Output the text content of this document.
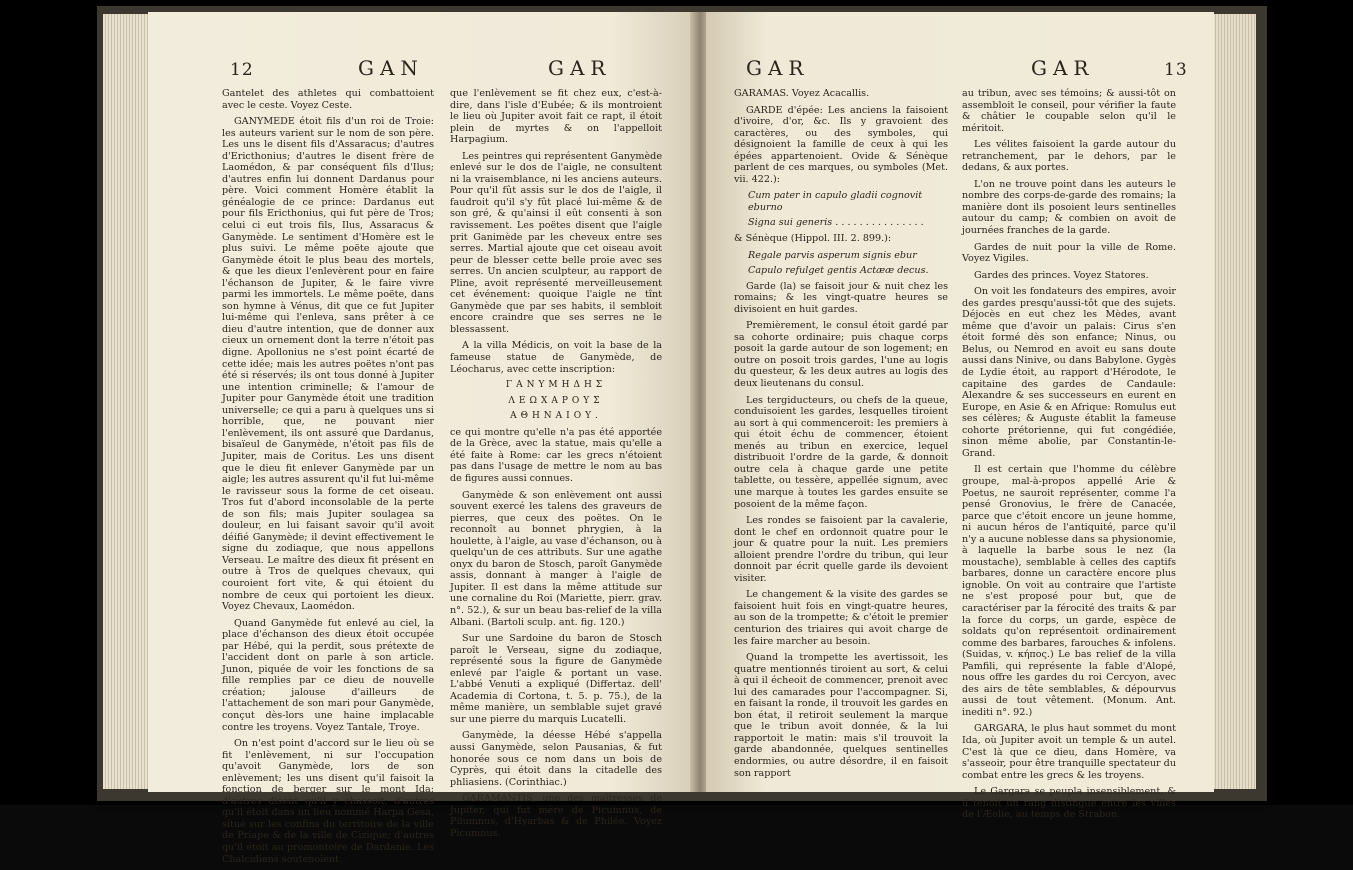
12	GAN	GAR

Gantelet des athletes qui combattoient avec le ceste. Voyez Ceste.

GANYMEDE étoit fils d'un roi de Troie: les auteurs varient sur le nom de son père. Les uns le disent fils d'Assaracus; d'autres d'Ericthonius; d'autres le disent frère de Laomédon, & par conséquent fils d'Ilus; d'autres enfin lui donnent Dardanus pour père. Voici comment Homère établit la généalogie de ce prince: Dardanus eut pour fils Ericthonius, qui fut père de Tros; celui ci eut trois fils, Ilus, Assaracus & Ganymède. Le sentiment d'Homère est le plus suivi. Le même poëte ajoute que Ganymède étoit le plus beau des mortels, & que les dieux l'enlevèrent pour en faire l'échanson de Jupiter, & le faire vivre parmi les immortels. Le même poëte, dans son hymne à Vénus, dit que ce fut Jupiter lui-même qui l'enleva, sans prêter à ce dieu d'autre intention, que de donner aux cieux un ornement dont la terre n'étoit pas digne. Apollonius ne s'est point écarté de cette idée; mais les autres poëtes n'ont pas été si réservés; ils ont tous donné à Jupiter une intention criminelle; & l'amour de Jupiter pour Ganymède étoit une tradition universelle; ce qui a paru à quelques uns si horrible, que, ne pouvant nier l'enlèvement, ils ont assuré que Dardanus, bisaïeul de Ganymède, n'étoit pas fils de Jupiter, mais de Coritus. Les uns disent que le dieu fit enlever Ganymède par un aigle; les autres assurent qu'il fut lui-même le ravisseur sous la forme de cet oiseau. Tros fut d'abord inconsolable de la perte de son fils; mais Jupiter soulagea sa douleur, en lui faisant savoir qu'il avoit déifié Ganymède; il devint effectivement le signe du zodiaque, que nous appellons Verseau. Le maître des dieux fit présent en outre à Tros de quelques chevaux, qui couroient fort vite, & qui étoient du nombre de ceux qui portoient les dieux. Voyez Chevaux, Laomédon.

Quand Ganymède fut enlevé au ciel, la place d'échanson des dieux étoit occupée par Hébé, qui la perdit, sous prétexte de l'accident dont on parle à son article. Junon, piquée de voir les fonctions de sa fille remplies par ce dieu de nouvelle création; jalouse d'ailleurs de l'attachement de son mari pour Ganymède, conçut dès-lors une haine implacable contre les troyens. Voyez Tantale, Troye.

On n'est point d'accord sur le lieu où se fit l'enlèvement, ni sur l'occupation qu'avoit Ganymède, lors de son enlèvement; les uns disent qu'il faisoit la fonction de berger sur le mont Ida; d'autres disent qu'il y chassoit; d'autres qu'il étoit dans un lieu nommé Harpa Gesa, situé sur les confins du territoire de la ville de Priape & de la ville de Cizique; d'autres qu'il étoit au promontoire de Dardanie. Les Chalcidiens soutenoient

que l'enlèvement se fit chez eux, c'est-à-dire, dans l'isle d'Eubée; & ils montroient le lieu où Jupiter avoit fait ce rapt, il étoit plein de myrtes & on l'appelloit Harpagium.

Les peintres qui représentent Ganymède enlevé sur le dos de l'aigle, ne consultent ni la vraisemblance, ni les anciens auteurs. Pour qu'il fût assis sur le dos de l'aigle, il faudroit qu'il s'y fût placé lui-même & de son gré, & qu'ainsi il eût consenti à son ravissement. Les poëtes disent que l'aigle prit Ganimède par les cheveux entre ses serres. Martial ajoute que cet oiseau avoit peur de blesser cette belle proie avec ses serres. Un ancien sculpteur, au rapport de Pline, avoit représenté merveilleusement cet événement: quoique l'aigle ne tînt Ganymède que par ses habits, il sembloit encore craindre que ses serres ne le blessassent.

A la villa Médicis, on voit la base de la fameuse statue de Ganymède, de Léocharus, avec cette inscription:

ΓΑΝΥΜΗΔΗΣ

ΛΕΩΧΑΡΟΥΣ

ΑΘΗΝΑΙΟΥ.

ce qui montre qu'elle n'a pas été apportée de la Grèce, avec la statue, mais qu'elle a été faite à Rome: car les grecs n'étoient pas dans l'usage de mettre le nom au bas de figures aussi connues.

Ganymède & son enlèvement ont aussi souvent exercé les talens des graveurs de pierres, que ceux des poëtes. On le reconnoît au bonnet phrygien, à la houlette, à l'aigle, au vase d'échanson, ou à quelqu'un de ces attributs. Sur une agathe onyx du baron de Stosch, paroît Ganymède assis, donnant à manger à l'aigle de Jupiter. Il est dans la même attitude sur une cornaline du Roi (Mariette, pierr. grav. n°. 52.), & sur un beau bas-relief de la villa Albani. (Bartoli sculp. ant. fig. 120.)

Sur une Sardoine du baron de Stosch paroît le Verseau, signe du zodiaque, représenté sous la figure de Ganymède enlevé par l'aigle & portant un vase. L'abbé Venuti a expliqué (Differtaz. dell' Academia di Cortona, t. 5. p. 75.), de la même manière, un semblable sujet gravé sur une pierre du marquis Lucatelli.

Ganymède, la déesse Hébé s'appella aussi Ganymède, selon Pausanias, & fut honorée sous ce nom dans un bois de Cyprès, qui étoit dans la citadelle des phliasiens. (Corinthiac.)

GARAMANTIS, une des maîtresses de Jupiter, qui fut mère de Picumnus, de Pilumnus, d'Hyarbas & de Philée. Voyez Picumnus.

GAR	GAR	13

GARAMAS. Voyez Acacallis.

GARDE d'épée: Les anciens la faisoient d'ivoire, d'or, &c. Ils y gravoient des caractères, ou des symboles, qui désignoient la famille de ceux à qui les épées appartenoient. Ovide & Sénèque parlent de ces marques, ou symboles (Met. vii. 422.):

Cum pater in capulo gladii cognovit eburno

Signa sui generis . . . . . . . . . . . . . . .

& Sénèque (Hippol. III. 2. 899.):

Regale parvis asperum signis ebur

Capulo refulget gentis Actææ decus.

Garde (la) se faisoit jour & nuit chez les romains; & les vingt-quatre heures se divisoient en huit gardes.

Premièrement, le consul étoit gardé par sa cohorte ordinaire; puis chaque corps posoit la garde autour de son logement; en outre on posoit trois gardes, l'une au logis du questeur, & les deux autres au logis des deux lieutenans du consul.

Les tergiducteurs, ou chefs de la queue, conduisoient les gardes, lesquelles tiroient au sort à qui commenceroit: les premiers à qui étoit échu de commencer, étoient menés au tribun en exercice, lequel distribuoit l'ordre de la garde, & donnoit outre cela à chaque garde une petite tablette, ou tessère, appellée signum, avec une marque à toutes les gardes ensuite se posoient de la même façon.

Les rondes se faisoient par la cavalerie, dont le chef en ordonnoit quatre pour le jour & quatre pour la nuit. Les premiers alloient prendre l'ordre du tribun, qui leur donnoit par écrit quelle garde ils devoient visiter.

Le changement & la visite des gardes se faisoient huit fois en vingt-quatre heures, au son de la trompette; & c'étoit le premier centurion des triaires qui avoit charge de les faire marcher au besoin.

Quand la trompette les avertissoit, les quatre mentionnés tiroient au sort, & celui à qui il écheoit de commencer, prenoit avec lui des camarades pour l'accompagner. Si, en faisant la ronde, il trouvoit les gardes en bon état, il retiroit seulement la marque que le tribun avoit donnée, & la lui rapportoit le matin: mais s'il trouvoit la garde abandonnée, quelques sentinelles endormies, ou autre désordre, il en faisoit son rapport

au tribun, avec ses témoins; & aussi-tôt on assembloit le conseil, pour vérifier la faute & châtier le coupable selon qu'il le méritoit.

Les vélites faisoient la garde autour du retranchement, par le dehors, par le dedans, & aux portes.

L'on ne trouve point dans les auteurs le nombre des corps-de-garde des romains; la manière dont ils posoient leurs sentinelles autour du camp; & combien on avoit de journées franches de la garde.

Gardes de nuit pour la ville de Rome. Voyez Vigiles.

Gardes des princes. Voyez Statores.

On voit les fondateurs des empires, avoir des gardes presqu'aussi-tôt que des sujets. Déjocès en eut chez les Mèdes, avant même que d'avoir un palais: Cirus s'en étoit formé dès son enfance; Ninus, ou Belus, ou Nemrod en avoit eu sans doute aussi dans Ninive, ou dans Babylone. Gygès de Lydie étoit, au rapport d'Hérodote, le capitaine des gardes de Candaule: Alexandre & ses successeurs en eurent en Europe, en Asie & en Afrique: Romulus eut ses célères; & Auguste établit la fameuse cohorte prétorienne, qui fut congédiée, sinon même abolie, par Constantin-le-Grand.

Il est certain que l'homme du célèbre groupe, mal-à-propos appellé Arie & Poetus, ne sauroit représenter, comme l'a pensé Gronovius, le frère de Canacée, parce que c'étoit encore un jeune homme, ni aucun héros de l'antiquité, parce qu'il n'y a aucune noblesse dans sa physionomie, à laquelle la barbe sous le nez (la moustache), semblable à celles des captifs barbares, donne un caractère encore plus ignoble. On voit au contraire que l'artiste ne s'est proposé pour but, que de caractériser par la férocité des traits & par la force du corps, un garde, espèce de soldats qu'on représentoit ordinairement comme des barbares, farouches & infolens. (Suidas, v. κήπος.) Le bas relief de la villa Pamfili, qui représente la fable d'Alopé, nous offre les gardes du roi Cercyon, avec des airs de tête semblables, & dépourvus aussi de tout vêtement. (Monum. Ant. inediti n°. 92.)

GARGARA, le plus haut sommet du mont Ida, où Jupiter avoit un temple & un autel. C'est là que ce dieu, dans Homère, va s'asseoir, pour être tranquille spectateur du combat entre les grecs & les troyens.

Le Gargara se peupla insensiblement, & il tenoit un rang distingué entre les villes de l'Æolie, au temps de Strabon.
